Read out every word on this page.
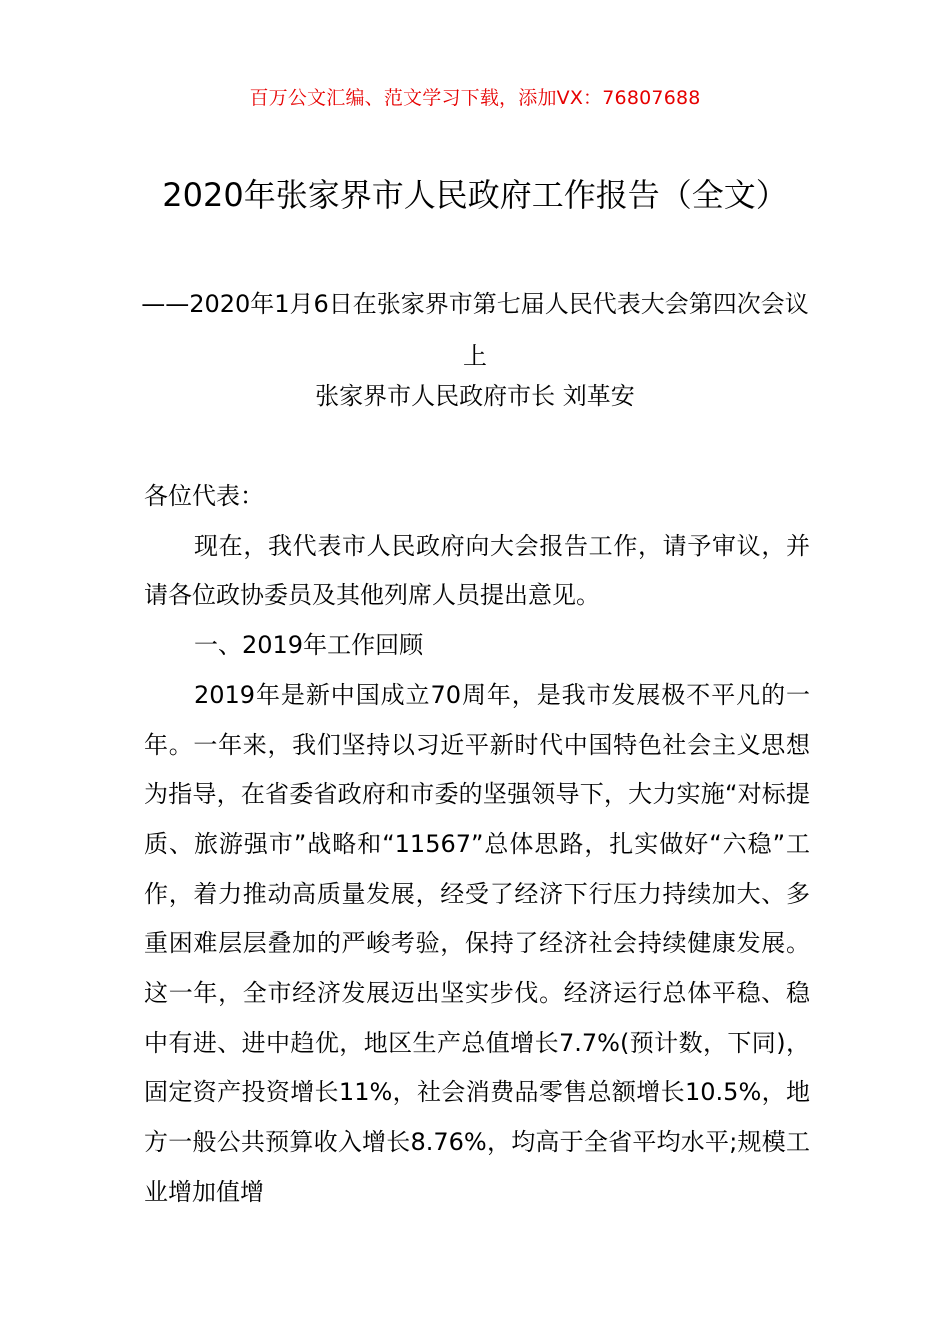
百万公文汇编、范文学习下载，添加VX：76807688
2020年张家界市人民政府工作报告（全文）

——2020年1月6日在张家界市第七届人民代表大会第四次会议上

张家界市人民政府市长 刘革安

各位代表：

现在，我代表市人民政府向大会报告工作，请予审议，并请各位政协委员及其他列席人员提出意见。

一、2019年工作回顾

2019年是新中国成立70周年，是我市发展极不平凡的一年。一年来，我们坚持以习近平新时代中国特色社会主义思想为指导，在省委省政府和市委的坚强领导下，大力实施“对标提质、旅游强市”战略和“11567”总体思路，扎实做好“六稳”工作，着力推动高质量发展，经受了经济下行压力持续加大、多重困难层层叠加的严峻考验，保持了经济社会持续健康发展。这一年，全市经济发展迈出坚实步伐。经济运行总体平稳、稳中有进、进中趋优，地区生产总值增长7.7%(预计数，下同)，固定资产投资增长11%，社会消费品零售总额增长10.5%，地方一般公共预算收入增长8.76%，均高于全省平均水平;规模工业增加值增
